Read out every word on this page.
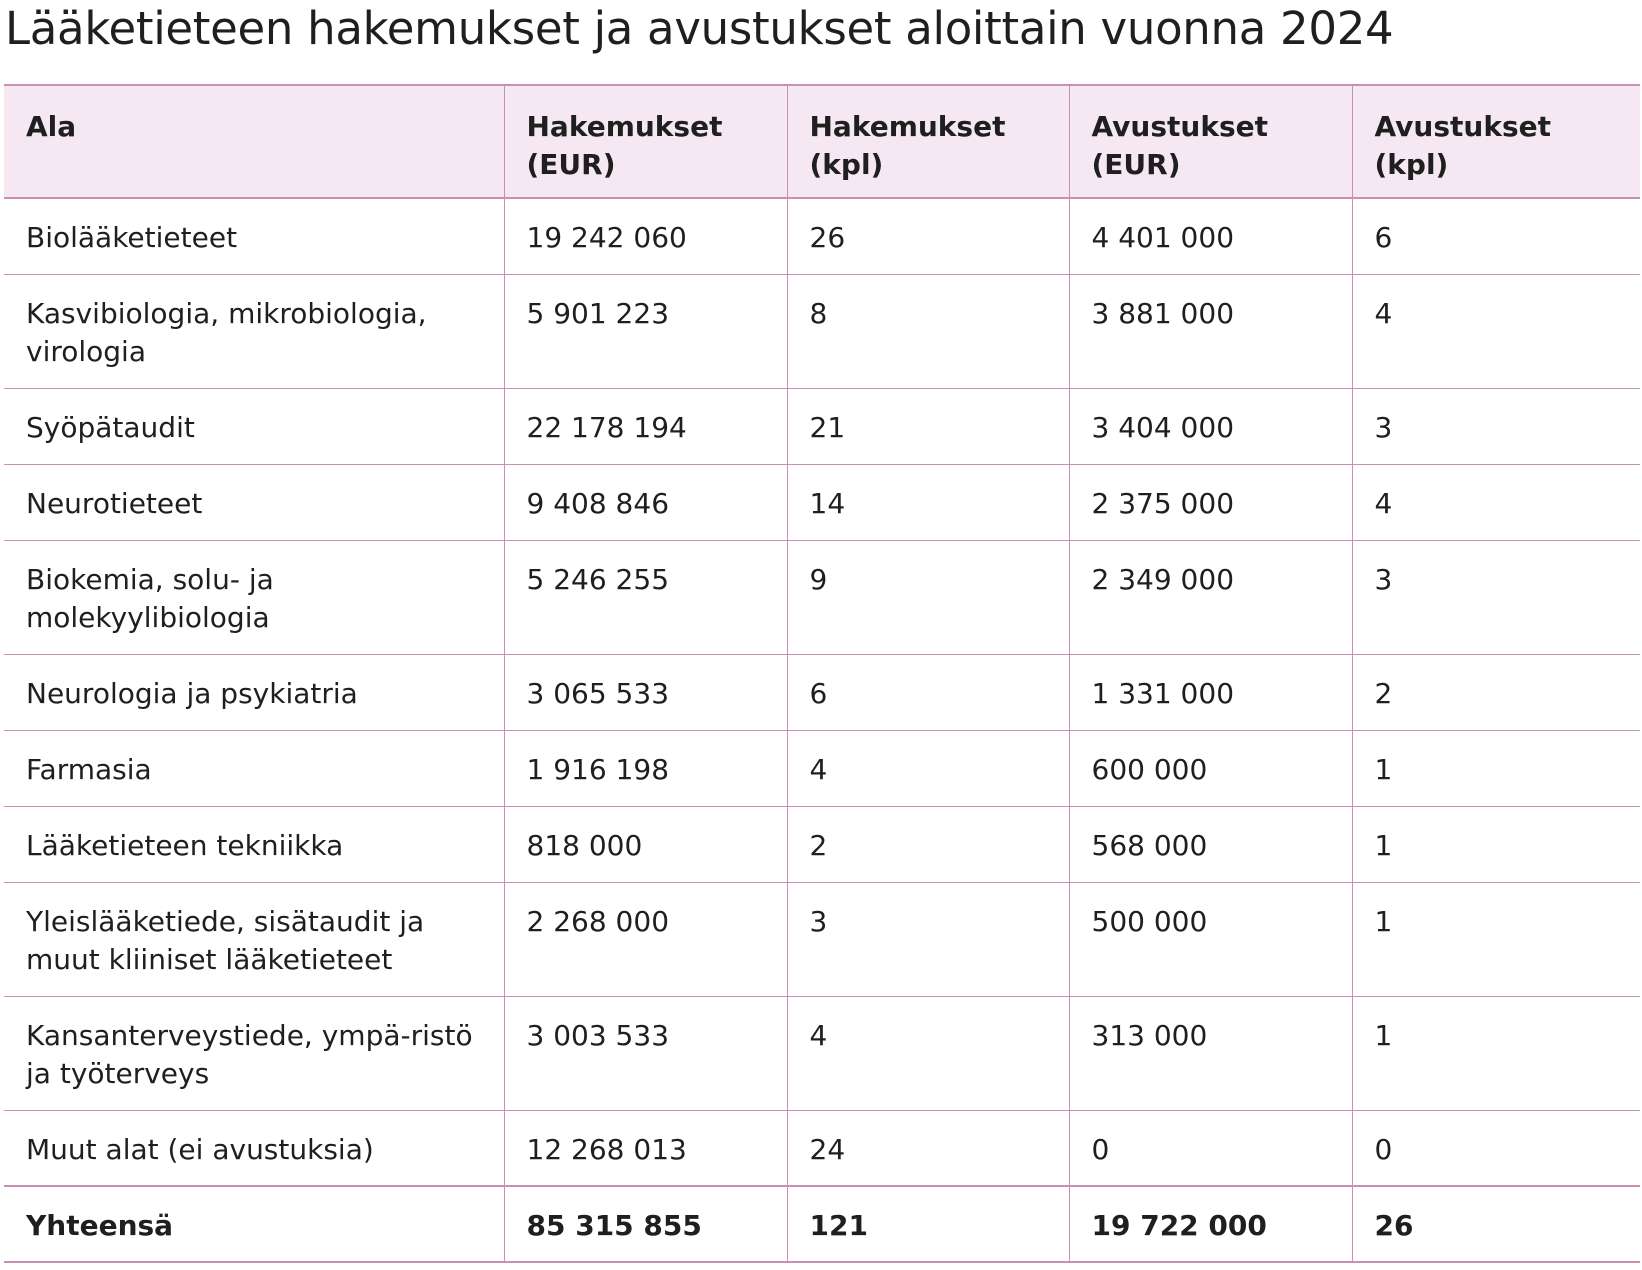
Lääketieteen hakemukset ja avustukset aloittain vuonna 2024
Ala	Hakemukset (EUR)	Hakemukset (kpl)	Avustukset (EUR)	Avustukset (kpl)
Biolääketieteet	19 242 060	26	4 401 000	6
Kasvibiologia, mikrobiologia, virologia	5 901 223	8	3 881 000	4
Syöpätaudit	22 178 194	21	3 404 000	3
Neurotieteet	9 408 846	14	2 375 000	4
Biokemia, solu- ja molekyylibiologia	5 246 255	9	2 349 000	3
Neurologia ja psykiatria	3 065 533	6	1 331 000	2
Farmasia	1 916 198	4	600 000	1
Lääketieteen tekniikka	818 000	2	568 000	1
Yleislääketiede, sisätaudit ja muut kliiniset lääketieteet	2 268 000	3	500 000	1
Kansanterveystiede, ympä-ristö ja työterveys	3 003 533	4	313 000	1
Muut alat (ei avustuksia)	12 268 013	24	0	0
Yhteensä	85 315 855	121	19 722 000	26
